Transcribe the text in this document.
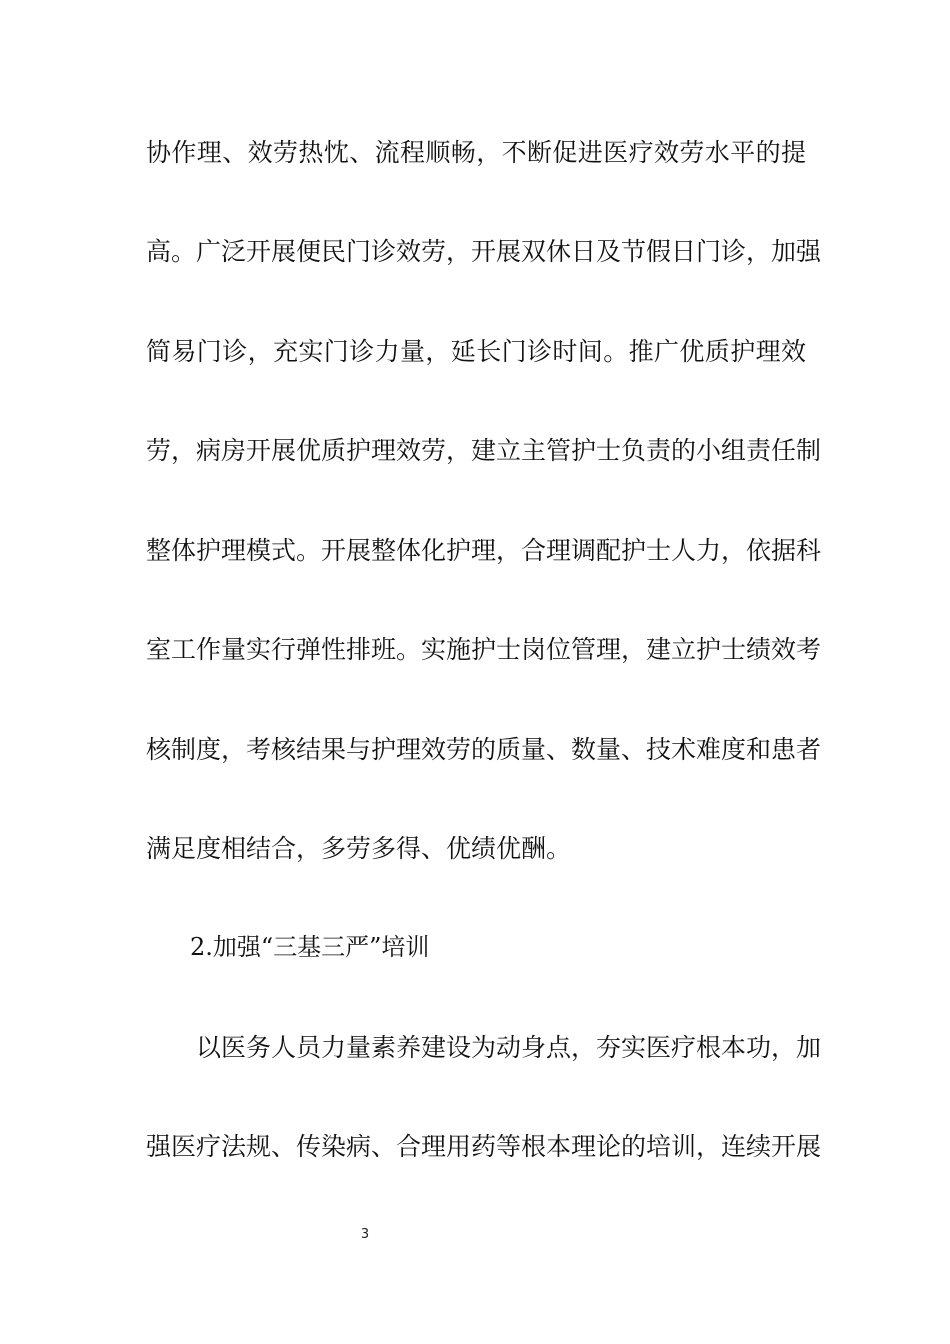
协作理、效劳热忱、流程顺畅，不断促进医疗效劳水平的提
高。广泛开展便民门诊效劳，开展双休日及节假日门诊，加强
简易门诊，充实门诊力量，延长门诊时间。推广优质护理效
劳，病房开展优质护理效劳，建立主管护士负责的小组责任制
整体护理模式。开展整体化护理，合理调配护士人力，依据科
室工作量实行弹性排班。实施护士岗位管理，建立护士绩效考
核制度，考核结果与护理效劳的质量、数量、技术难度和患者
满足度相结合，多劳多得、优绩优酬。
2.加强“三基三严”培训
以医务人员力量素养建设为动身点，夯实医疗根本功，加
强医疗法规、传染病、合理用药等根本理论的培训，连续开展
3
